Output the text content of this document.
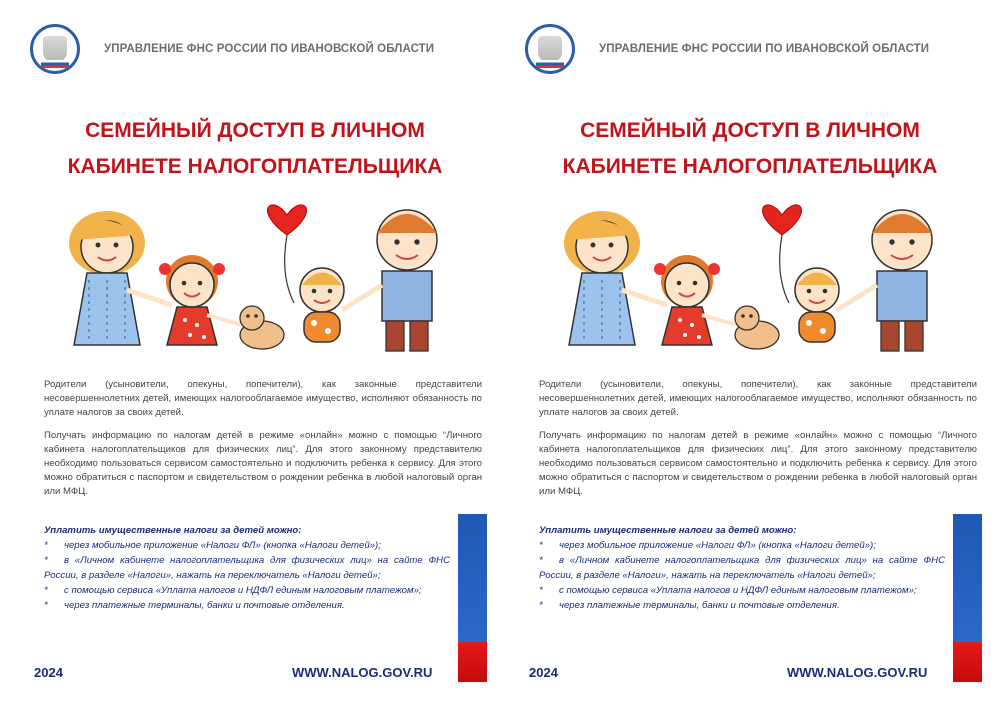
УПРАВЛЕНИЕ ФНС РОССИИ ПО ИВАНОВСКОЙ ОБЛАСТИ
СЕМЕЙНЫЙ ДОСТУП В ЛИЧНОМ
КАБИНЕТЕ НАЛОГОПЛАТЕЛЬЩИКА
Родители (усыновители, опекуны, попечители), как законные представители несовершеннолетних детей, имеющих налогооблагаемое имущество, исполняют обязанность по уплате налогов за своих детей.
Получать информацию по налогам детей в режиме «онлайн» можно с помощью “Личного кабинета налогоплательщиков для физических лиц”. Для этого законному представителю необходимо пользоваться сервисом самостоятельно и подключить ребенка к сервису. Для этого можно обратиться с паспортом и свидетельством о рождении ребенка в любой налоговый орган или МФЦ.
Уплатить имущественные налоги за детей можно:
* через мобильное приложение «Налоги ФЛ» (кнопка «Налоги детей»);
* в «Личном кабинете налогоплательщика для физических лиц» на сайте ФНС России, в разделе «Налоги», нажать на переключатель «Налоги детей»;
* с помощью сервиса «Уплата налогов и НДФЛ единым налоговым платежом»;
* через платежные терминалы, банки и почтовые отделения.
2024	WWW.NALOG.GOV.RU
УПРАВЛЕНИЕ ФНС РОССИИ ПО ИВАНОВСКОЙ ОБЛАСТИ
СЕМЕЙНЫЙ ДОСТУП В ЛИЧНОМ
КАБИНЕТЕ НАЛОГОПЛАТЕЛЬЩИКА
Родители (усыновители, опекуны, попечители), как законные представители несовершеннолетних детей, имеющих налогооблагаемое имущество, исполняют обязанность по уплате налогов за своих детей.
Получать информацию по налогам детей в режиме «онлайн» можно с помощью “Личного кабинета налогоплательщиков для физических лиц”. Для этого законному представителю необходимо пользоваться сервисом самостоятельно и подключить ребенка к сервису. Для этого можно обратиться с паспортом и свидетельством о рождении ребенка в любой налоговый орган или МФЦ.
Уплатить имущественные налоги за детей можно:
* через мобильное приложение «Налоги ФЛ» (кнопка «Налоги детей»);
* в «Личном кабинете налогоплательщика для физических лиц» на сайте ФНС России, в разделе «Налоги», нажать на переключатель «Налоги детей»;
* с помощью сервиса «Уплата налогов и НДФЛ единым налоговым платежом»;
* через платежные терминалы, банки и почтовые отделения.
2024	WWW.NALOG.GOV.RU
